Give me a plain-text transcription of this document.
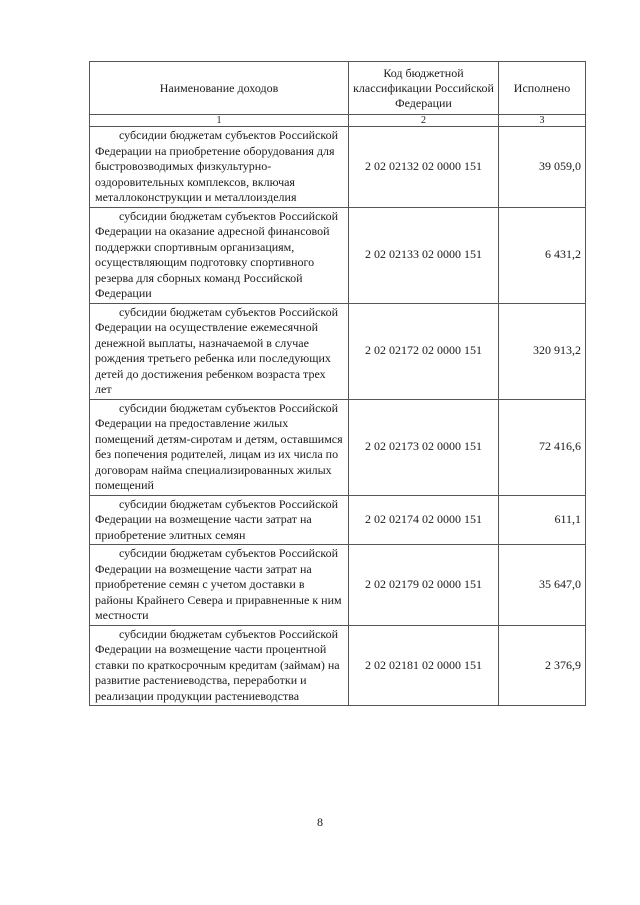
Наименование доходов	Код бюджетной классификации Российской Федерации	Исполнено
1	2	3

субсидии бюджетам субъектов Российской Федерации на приобретение оборудования для быстровозводимых физкультурно-оздоровительных комплексов, включая металлоконструкции и металлоизделия	2 02 02132 02 0000 151	39 059,0

субсидии бюджетам субъектов Российской Федерации на оказание адресной финансовой поддержки спортивным организациям, осуществляющим подготовку спортивного резерва для сборных команд Российской Федерации	2 02 02133 02 0000 151	6 431,2

субсидии бюджетам субъектов Российской Федерации на осуществление ежемесячной денежной выплаты, назначаемой в случае рождения третьего ребенка или последующих детей до достижения ребенком возраста трех лет	2 02 02172 02 0000 151	320 913,2

субсидии бюджетам субъектов Российской Федерации на предоставление жилых помещений детям-сиротам и детям, оставшимся без попечения родителей, лицам из их числа по договорам найма специализированных жилых помещений	2 02 02173 02 0000 151	72 416,6

субсидии бюджетам субъектов Российской Федерации на возмещение части затрат на приобретение элитных семян	2 02 02174 02 0000 151	611,1

субсидии бюджетам субъектов Российской Федерации на возмещение части затрат на приобретение семян с учетом доставки в районы Крайнего Севера и приравненные к ним местности	2 02 02179 02 0000 151	35 647,0

субсидии бюджетам субъектов Российской Федерации на возмещение части процентной ставки по краткосрочным кредитам (займам) на развитие растениеводства, переработки и реализации продукции растениеводства	2 02 02181 02 0000 151	2 376,9
8
